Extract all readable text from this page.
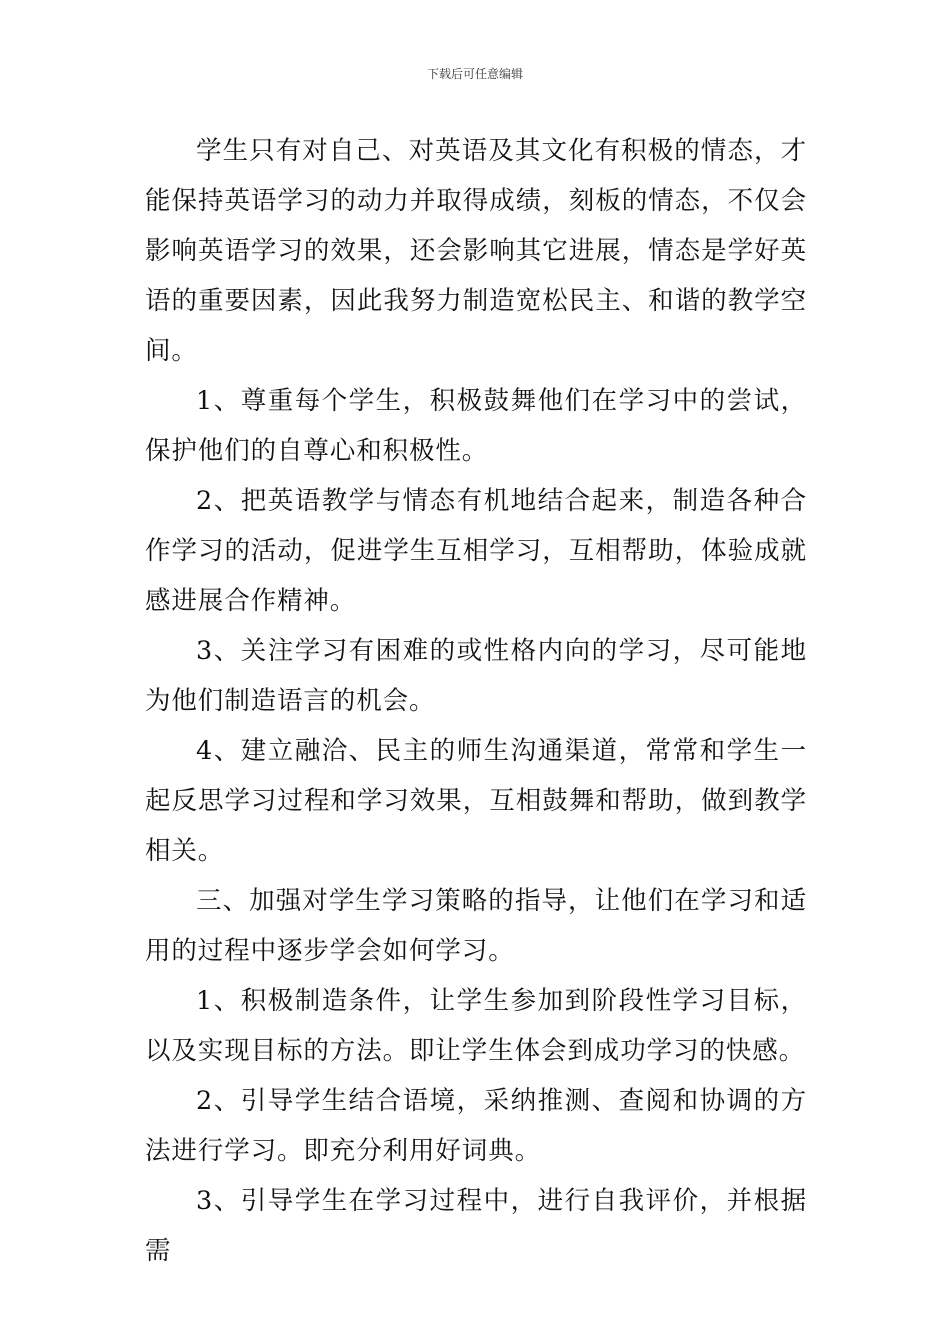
下载后可任意编辑

学生只有对自己、对英语及其文化有积极的情态，才能保持英语学习的动力并取得成绩，刻板的情态，不仅会影响英语学习的效果，还会影响其它进展，情态是学好英语的重要因素，因此我努力制造宽松民主、和谐的教学空间。

1、尊重每个学生，积极鼓舞他们在学习中的尝试，保护他们的自尊心和积极性。

2、把英语教学与情态有机地结合起来，制造各种合作学习的活动，促进学生互相学习，互相帮助，体验成就感进展合作精神。

3、关注学习有困难的或性格内向的学习，尽可能地为他们制造语言的机会。

4、建立融洽、民主的师生沟通渠道，常常和学生一起反思学习过程和学习效果，互相鼓舞和帮助，做到教学相关。

三、加强对学生学习策略的指导，让他们在学习和适用的过程中逐步学会如何学习。

1、积极制造条件，让学生参加到阶段性学习目标，以及实现目标的方法。即让学生体会到成功学习的快感。

2、引导学生结合语境，采纳推测、查阅和协调的方法进行学习。即充分利用好词典。

3、引导学生在学习过程中，进行自我评价，并根据需
